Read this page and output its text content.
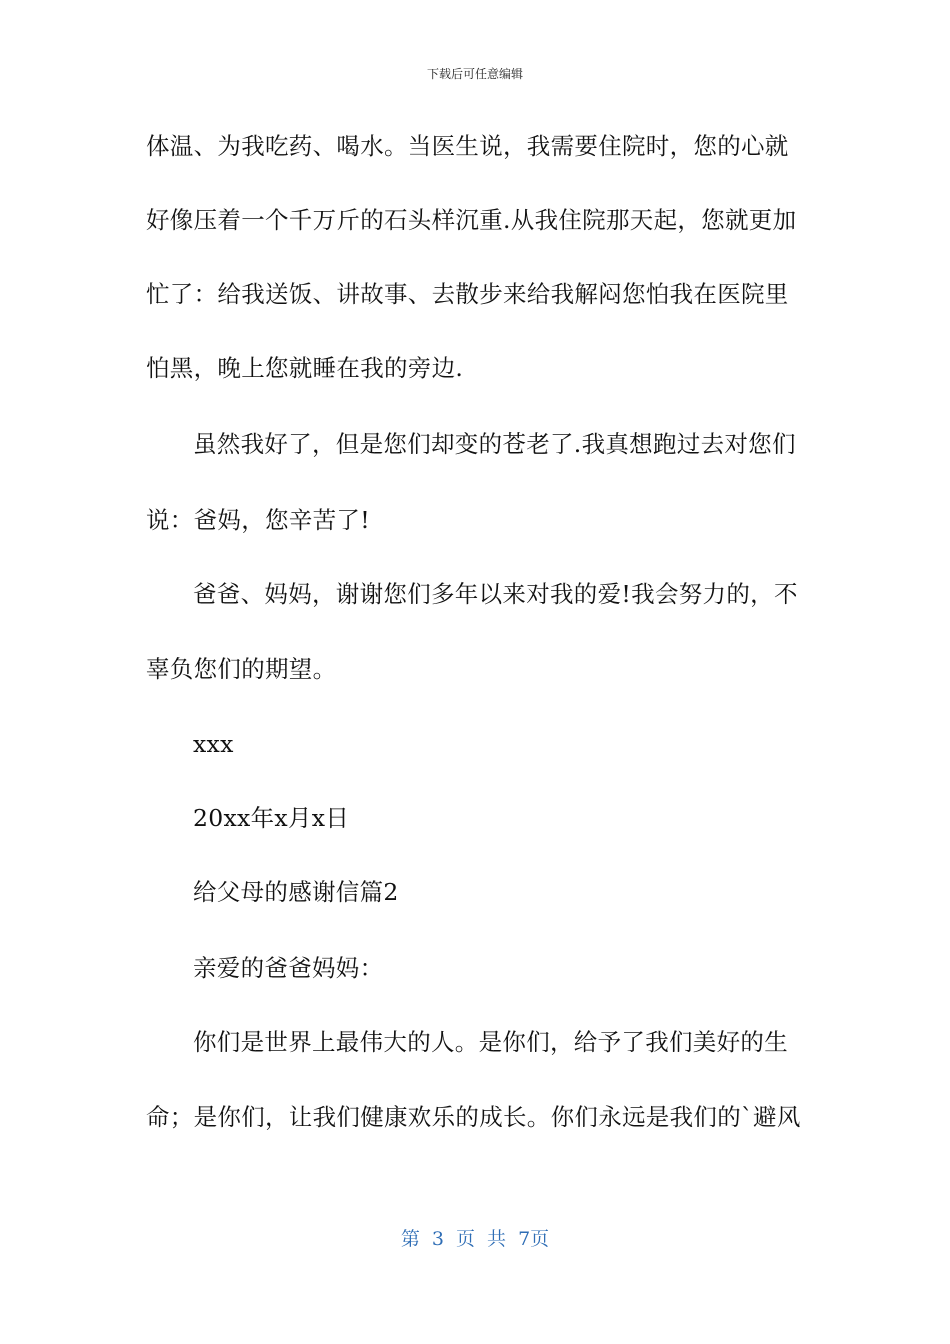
下载后可任意编辑
体温、为我吃药、喝水。当医生说，我需要住院时，您的心就
好像压着一个千万斤的石头样沉重.从我住院那天起，您就更加
忙了：给我送饭、讲故事、去散步来给我解闷您怕我在医院里
怕黑，晚上您就睡在我的旁边.
虽然我好了，但是您们却变的苍老了.我真想跑过去对您们
说：爸妈，您辛苦了!
爸爸、妈妈，谢谢您们多年以来对我的爱!我会努力的，不
辜负您们的期望。
xxx
20xx年x月x日
给父母的感谢信篇2
亲爱的爸爸妈妈：
你们是世界上最伟大的人。是你们，给予了我们美好的生
命；是你们，让我们健康欢乐的成长。你们永远是我们的`避风
第 3 页 共 7页
